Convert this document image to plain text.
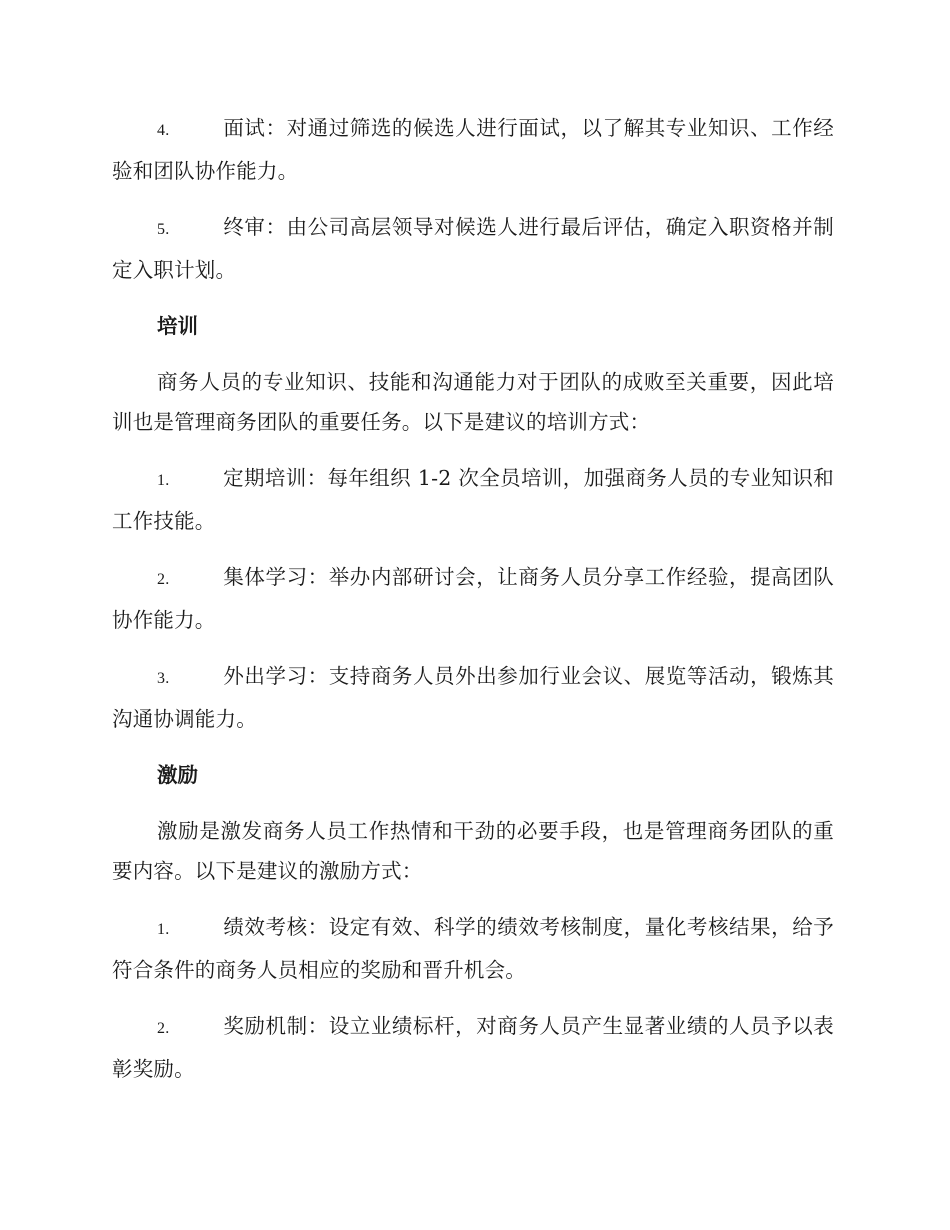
4.	面试：对通过筛选的候选人进行面试，以了解其专业知识、工作经验和团队协作能力。

5.	终审：由公司高层领导对候选人进行最后评估，确定入职资格并制定入职计划。

培训

商务人员的专业知识、技能和沟通能力对于团队的成败至关重要，因此培训也是管理商务团队的重要任务。以下是建议的培训方式：

1.	定期培训：每年组织 1-2 次全员培训，加强商务人员的专业知识和工作技能。

2.	集体学习：举办内部研讨会，让商务人员分享工作经验，提高团队协作能力。

3.	外出学习：支持商务人员外出参加行业会议、展览等活动，锻炼其沟通协调能力。

激励

激励是激发商务人员工作热情和干劲的必要手段，也是管理商务团队的重要内容。以下是建议的激励方式：

1.	绩效考核：设定有效、科学的绩效考核制度，量化考核结果，给予符合条件的商务人员相应的奖励和晋升机会。

2.	奖励机制：设立业绩标杆，对商务人员产生显著业绩的人员予以表彰奖励。
